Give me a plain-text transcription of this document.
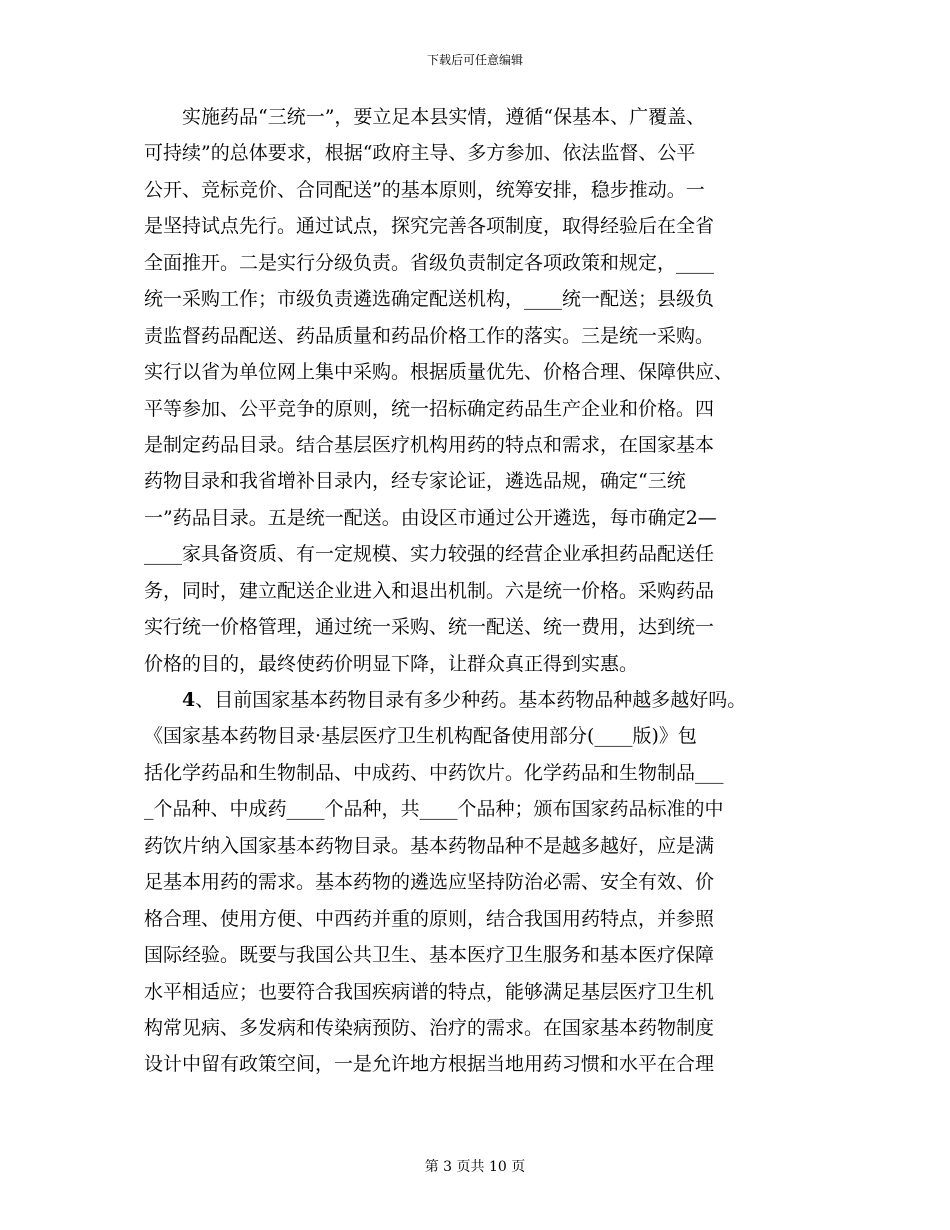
下载后可任意编辑
实施药品“三统一”，要立足本县实情，遵循“保基本、广覆盖、
可持续”的总体要求，根据“政府主导、多方参加、依法监督、公平
公开、竞标竞价、合同配送”的基本原则，统筹安排，稳步推动。一
是坚持试点先行。通过试点，探究完善各项制度，取得经验后在全省
全面推开。二是实行分级负责。省级负责制定各项政策和规定，____
统一采购工作；市级负责遴选确定配送机构，____统一配送；县级负
责监督药品配送、药品质量和药品价格工作的落实。三是统一采购。
实行以省为单位网上集中采购。根据质量优先、价格合理、保障供应、
平等参加、公平竞争的原则，统一招标确定药品生产企业和价格。四
是制定药品目录。结合基层医疗机构用药的特点和需求，在国家基本
药物目录和我省增补目录内，经专家论证，遴选品规，确定“三统
一”药品目录。五是统一配送。由设区市通过公开遴选，每市确定2—
____家具备资质、有一定规模、实力较强的经营企业承担药品配送任
务，同时，建立配送企业进入和退出机制。六是统一价格。采购药品
实行统一价格管理，通过统一采购、统一配送、统一费用，达到统一
价格的目的，最终使药价明显下降，让群众真正得到实惠。
4、目前国家基本药物目录有多少种药。基本药物品种越多越好吗。
《国家基本药物目录·基层医疗卫生机构配备使用部分(____版)》包
括化学药品和生物制品、中成药、中药饮片。化学药品和生物制品___
_个品种、中成药____个品种，共____个品种；颁布国家药品标准的中
药饮片纳入国家基本药物目录。基本药物品种不是越多越好，应是满
足基本用药的需求。基本药物的遴选应坚持防治必需、安全有效、价
格合理、使用方便、中西药并重的原则，结合我国用药特点，并参照
国际经验。既要与我国公共卫生、基本医疗卫生服务和基本医疗保障
水平相适应；也要符合我国疾病谱的特点，能够满足基层医疗卫生机
构常见病、多发病和传染病预防、治疗的需求。在国家基本药物制度
设计中留有政策空间，一是允许地方根据当地用药习惯和水平在合理
第 3 页共 10 页
